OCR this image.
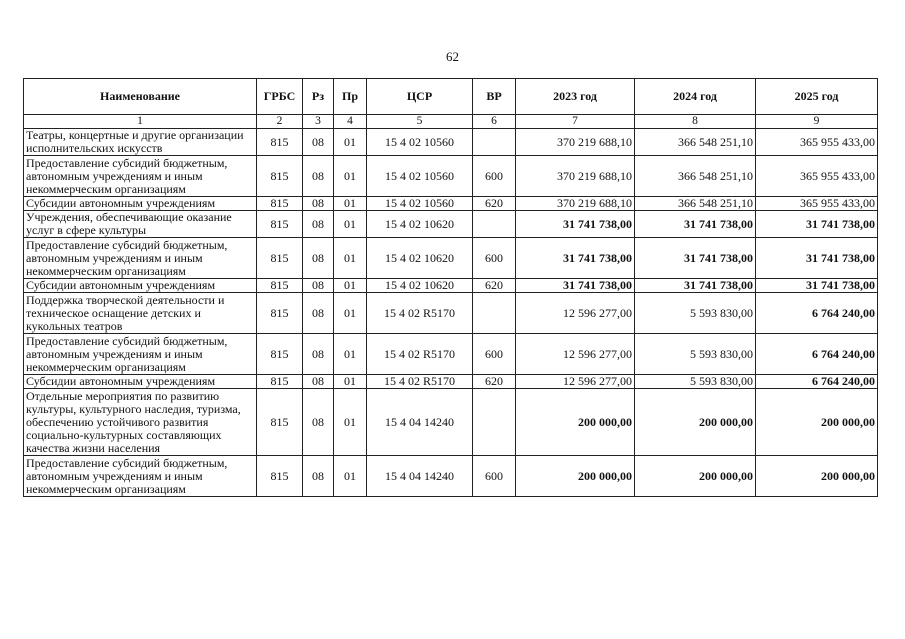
62
Наименование	ГРБС	Рз	Пр	ЦСР	ВР	2023 год	2024 год	2025 год
1	2	3	4	5	6	7	8	9
Театры, концертные и другие организации исполнительских искусств	815	08	01	15 4 02 10560		370 219 688,10	366 548 251,10	365 955 433,00
Предоставление субсидий бюджетным, автономным учреждениям и иным некоммерческим организациям	815	08	01	15 4 02 10560	600	370 219 688,10	366 548 251,10	365 955 433,00
Субсидии автономным учреждениям	815	08	01	15 4 02 10560	620	370 219 688,10	366 548 251,10	365 955 433,00
Учреждения, обеспечивающие оказание услуг в сфере культуры	815	08	01	15 4 02 10620		31 741 738,00	31 741 738,00	31 741 738,00
Предоставление субсидий бюджетным, автономным учреждениям и иным некоммерческим организациям	815	08	01	15 4 02 10620	600	31 741 738,00	31 741 738,00	31 741 738,00
Субсидии автономным учреждениям	815	08	01	15 4 02 10620	620	31 741 738,00	31 741 738,00	31 741 738,00
Поддержка творческой деятельности и техническое оснащение детских и кукольных театров	815	08	01	15 4 02 R5170		12 596 277,00	5 593 830,00	6 764 240,00
Предоставление субсидий бюджетным, автономным учреждениям и иным некоммерческим организациям	815	08	01	15 4 02 R5170	600	12 596 277,00	5 593 830,00	6 764 240,00
Субсидии автономным учреждениям	815	08	01	15 4 02 R5170	620	12 596 277,00	5 593 830,00	6 764 240,00
Отдельные мероприятия по развитию культуры, культурного наследия, туризма, обеспечению устойчивого развития социально-культурных составляющих качества жизни населения	815	08	01	15 4 04 14240		200 000,00	200 000,00	200 000,00
Предоставление субсидий бюджетным, автономным учреждениям и иным некоммерческим организациям	815	08	01	15 4 04 14240	600	200 000,00	200 000,00	200 000,00
